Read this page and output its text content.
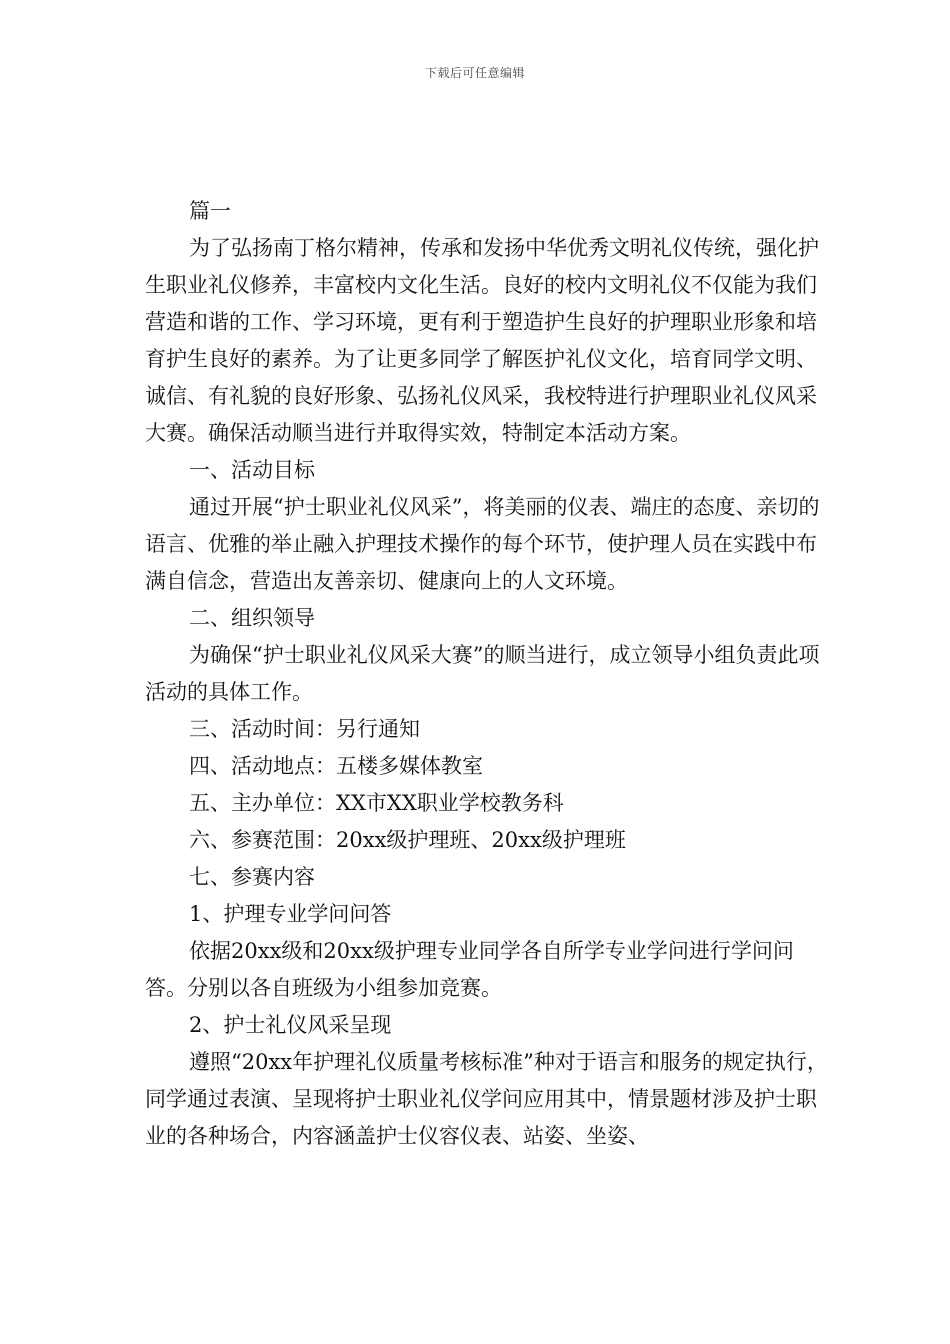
下载后可任意编辑

篇一

为了弘扬南丁格尔精神，传承和发扬中华优秀文明礼仪传统，强化护生职业礼仪修养，丰富校内文化生活。良好的校内文明礼仪不仅能为我们营造和谐的工作、学习环境，更有利于塑造护生良好的护理职业形象和培育护生良好的素养。为了让更多同学了解医护礼仪文化，培育同学文明、诚信、有礼貌的良好形象、弘扬礼仪风采，我校特进行护理职业礼仪风采大赛。确保活动顺当进行并取得实效，特制定本活动方案。

一、活动目标

通过开展“护士职业礼仪风采”，将美丽的仪表、端庄的态度、亲切的语言、优雅的举止融入护理技术操作的每个环节，使护理人员在实践中布满自信念，营造出友善亲切、健康向上的人文环境。

二、组织领导

为确保“护士职业礼仪风采大赛”的顺当进行，成立领导小组负责此项活动的具体工作。

三、活动时间：另行通知

四、活动地点：五楼多媒体教室

五、主办单位：XX市XX职业学校教务科

六、参赛范围：20xx级护理班、20xx级护理班

七、参赛内容

1、护理专业学问问答

依据20xx级和20xx级护理专业同学各自所学专业学问进行学问问答。分别以各自班级为小组参加竞赛。

2、护士礼仪风采呈现

遵照“20xx年护理礼仪质量考核标准”种对于语言和服务的规定执行，同学通过表演、呈现将护士职业礼仪学问应用其中，情景题材涉及护士职业的各种场合，内容涵盖护士仪容仪表、站姿、坐姿、
